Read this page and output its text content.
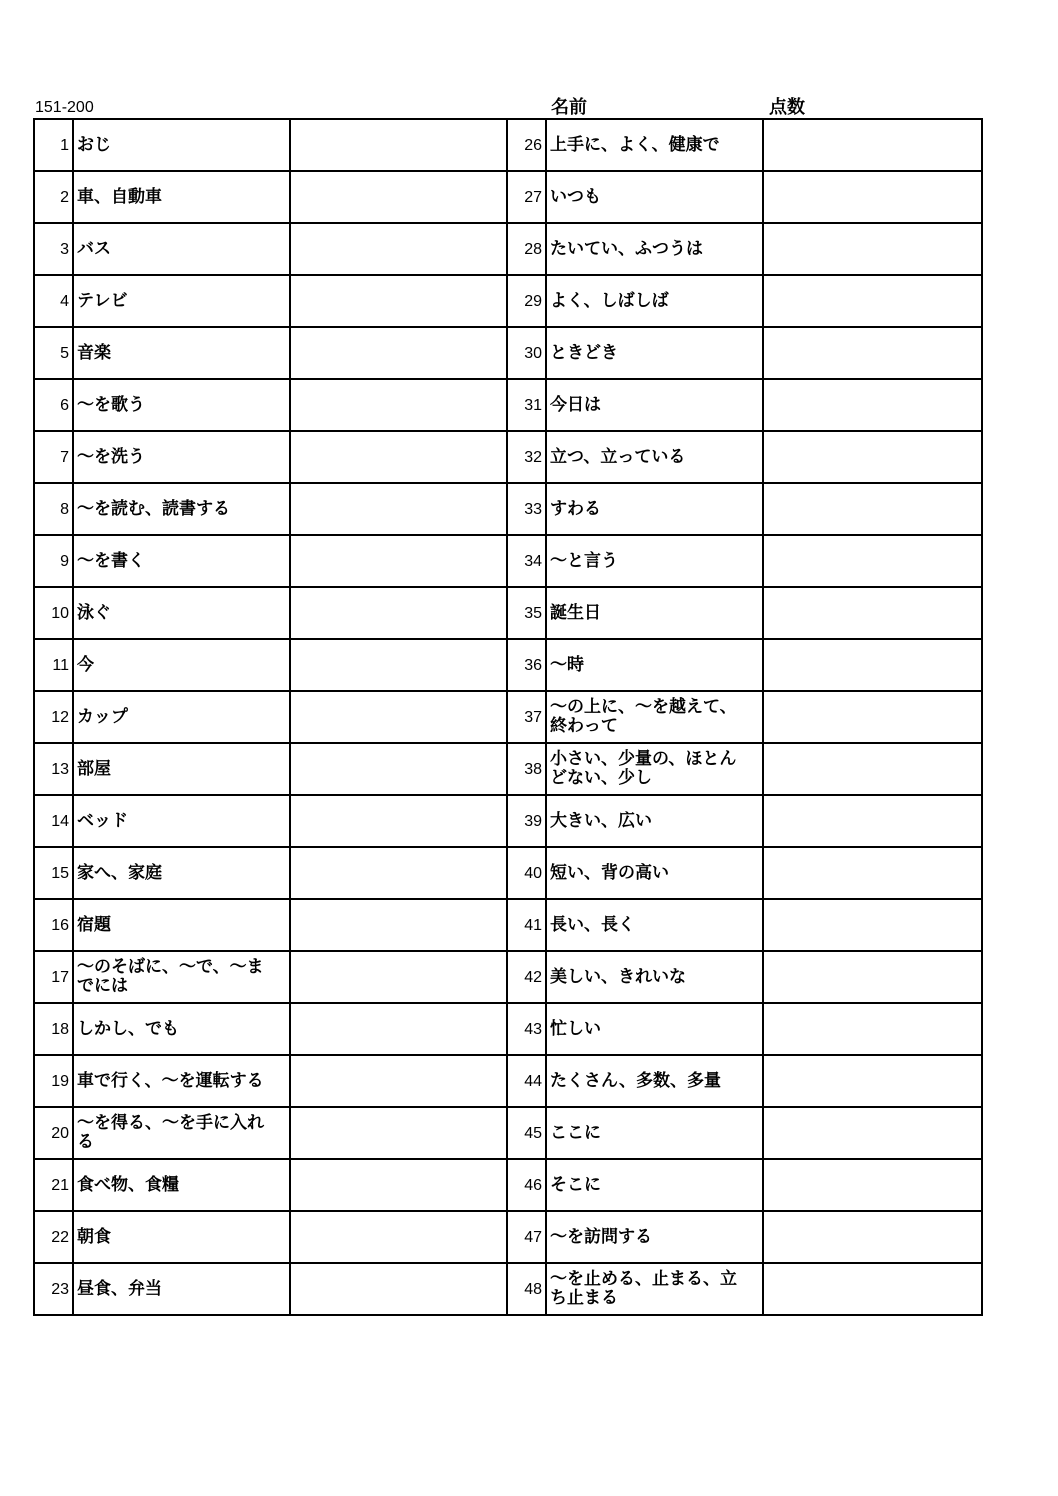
151-200	名前	点数
1	おじ		26	上手に、よく、健康で	
2	車、自動車		27	いつも	
3	バス		28	たいてい、ふつうは	
4	テレビ		29	よく、しばしば	
5	音楽		30	ときどき	
6	～を歌う		31	今日は	
7	～を洗う		32	立つ、立っている	
8	～を読む、読書する		33	すわる	
9	～を書く		34	～と言う	
10	泳ぐ		35	誕生日	
11	今		36	～時	
12	カップ		37	～の上に、～を越えて、終わって	
13	部屋		38	小さい、少量の、ほとんどない、少し	
14	ベッド		39	大きい、広い	
15	家へ、家庭		40	短い、背の高い	
16	宿題		41	長い、長く	
17	～のそばに、～で、～までには		42	美しい、きれいな	
18	しかし、でも		43	忙しい	
19	車で行く、～を運転する		44	たくさん、多数、多量	
20	～を得る、～を手に入れる		45	ここに	
21	食べ物、食糧		46	そこに	
22	朝食		47	～を訪問する	
23	昼食、弁当		48	～を止める、止まる、立ち止まる	
